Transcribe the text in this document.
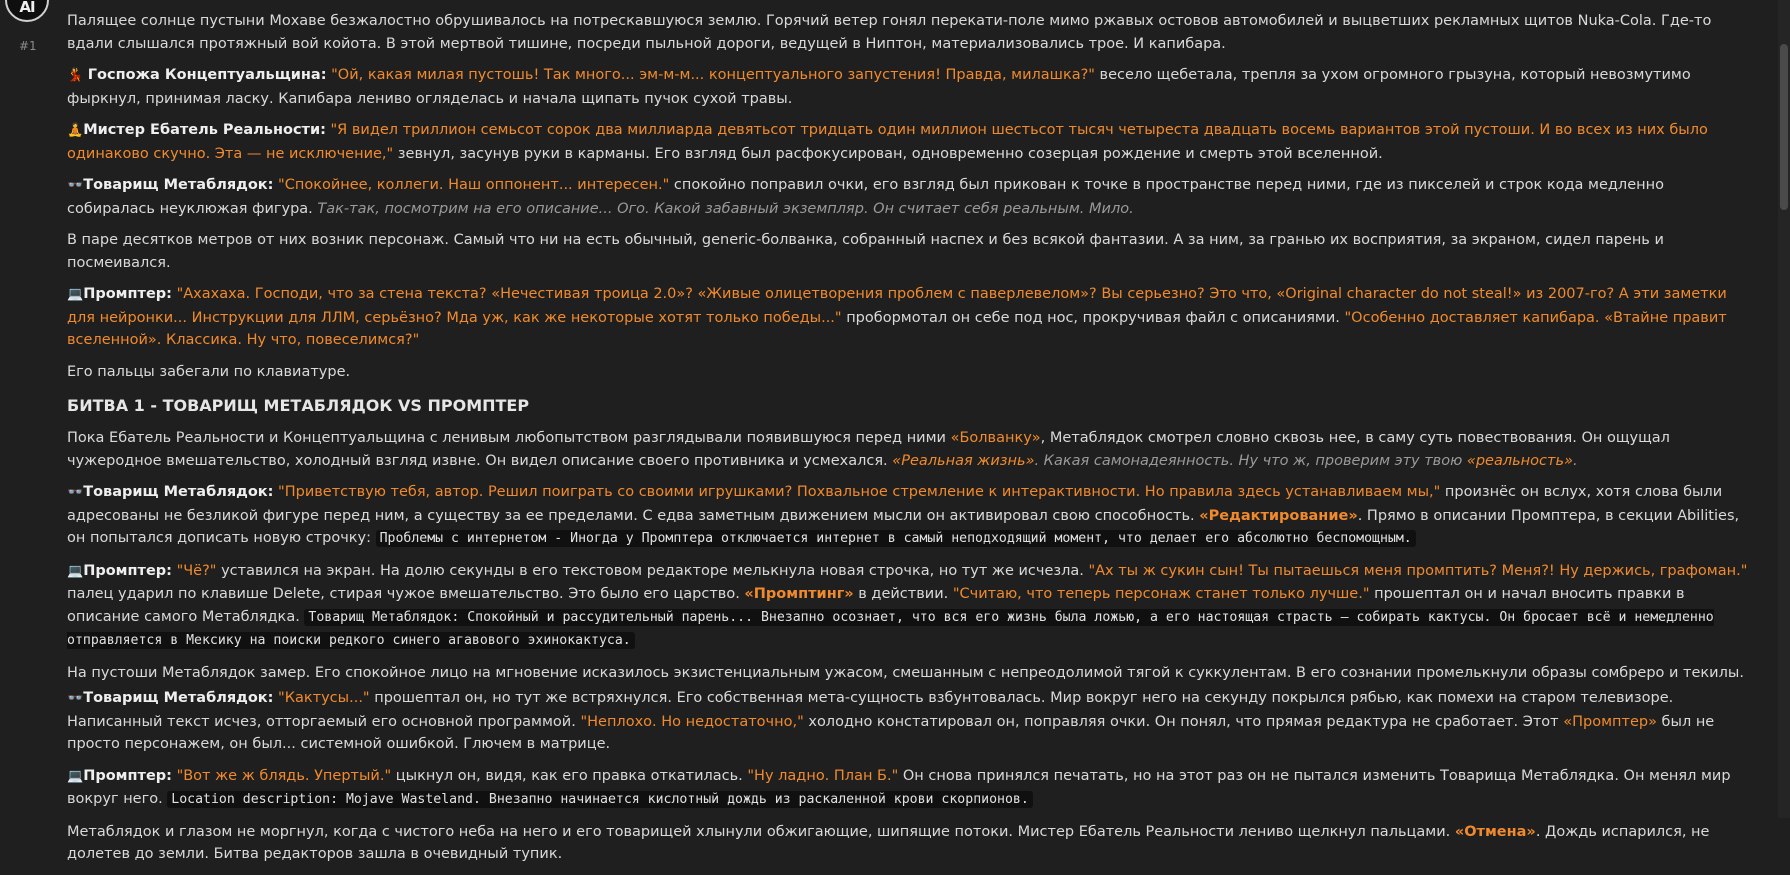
AI
#1

Палящее солнце пустыни Мохаве безжалостно обрушивалось на потрескавшуюся землю. Горячий ветер гонял перекати-поле мимо ржавых остовов автомобилей и выцветших рекламных щитов Nuka-Cola. Где-то вдали слышался протяжный вой койота. В этой мертвой тишине, посреди пыльной дороги, ведущей в Ниптон, материализовались трое. И капибара.

💃 Госпожа Концептуальщина: "Ой, какая милая пустошь! Так много... эм-м-м... концептуального запустения! Правда, милашка?" весело щебетала, трепля за ухом огромного грызуна, который невозмутимо фыркнул, принимая ласку. Капибара лениво огляделась и начала щипать пучок сухой травы.

🧘Мистер Ебатель Реальности: "Я видел триллион семьсот сорок два миллиарда девятьсот тридцать один миллион шестьсот тысяч четыреста двадцать восемь вариантов этой пустоши. И во всех из них было одинаково скучно. Эта — не исключение," зевнул, засунув руки в карманы. Его взгляд был расфокусирован, одновременно созерцая рождение и смерть этой вселенной.

👓Товарищ Метаблядок: "Спокойнее, коллеги. Наш оппонент... интересен." спокойно поправил очки, его взгляд был прикован к точке в пространстве перед ними, где из пикселей и строк кода медленно собиралась неуклюжая фигура. Так-так, посмотрим на его описание... Ого. Какой забавный экземпляр. Он считает себя реальным. Мило.

В паре десятков метров от них возник персонаж. Самый что ни на есть обычный, generic-болванка, собранный наспех и без всякой фантазии. А за ним, за гранью их восприятия, за экраном, сидел парень и посмеивался.

💻Промптер: "Ахахаха. Господи, что за стена текста? «Нечестивая троица 2.0»? «Живые олицетворения проблем с паверлевелом»? Вы серьезно? Это что, «Original character do not steal!» из 2007-го? А эти заметки для нейронки... Инструкции для ЛЛМ, серьёзно? Мда уж, как же некоторые хотят только победы..." пробормотал он себе под нос, прокручивая файл с описаниями. "Особенно доставляет капибара. «Втайне правит вселенной». Классика. Ну что, повеселимся?"

Его пальцы забегали по клавиатуре.

БИТВА 1 - ТОВАРИЩ МЕТАБЛЯДОК VS ПРОМПТЕР

Пока Ебатель Реальности и Концептуальщина с ленивым любопытством разглядывали появившуюся перед ними «Болванку», Метаблядок смотрел словно сквозь нее, в саму суть повествования. Он ощущал чужеродное вмешательство, холодный взгляд извне. Он видел описание своего противника и усмехался. «Реальная жизнь». Какая самонадеянность. Ну что ж, проверим эту твою «реальность».

👓Товарищ Метаблядок: "Приветствую тебя, автор. Решил поиграть со своими игрушками? Похвальное стремление к интерактивности. Но правила здесь устанавливаем мы," произнёс он вслух, хотя слова были адресованы не безликой фигуре перед ним, а существу за ее пределами. С едва заметным движением мысли он активировал свою способность. «Редактирование». Прямо в описании Промптера, в секции Abilities, он попытался дописать новую строчку: Проблемы с интернетом - Иногда у Промптера отключается интернет в самый неподходящий момент, что делает его абсолютно беспомощным.

💻Промптер: "Чё?" уставился на экран. На долю секунды в его текстовом редакторе мелькнула новая строчка, но тут же исчезла. "Ах ты ж сукин сын! Ты пытаешься меня промптить? Меня?! Ну держись, графоман." палец ударил по клавише Delete, стирая чужое вмешательство. Это было его царство. «Промптинг» в действии. "Считаю, что теперь персонаж станет только лучше." прошептал он и начал вносить правки в описание самого Метаблядка. Товарищ Метаблядок: Спокойный и рассудительный парень... Внезапно осознает, что вся его жизнь была ложью, а его настоящая страсть — собирать кактусы. Он бросает всё и немедленно отправляется в Мексику на поиски редкого синего агавового эхинокактуса.

На пустоши Метаблядок замер. Его спокойное лицо на мгновение исказилось экзистенциальным ужасом, смешанным с непреодолимой тягой к суккулентам. В его сознании промелькнули образы сомбреро и текилы.

👓Товарищ Метаблядок: "Кактусы..." прошептал он, но тут же встряхнулся. Его собственная мета-сущность взбунтовалась. Мир вокруг него на секунду покрылся рябью, как помехи на старом телевизоре. Написанный текст исчез, отторгаемый его основной программой. "Неплохо. Но недостаточно," холодно констатировал он, поправляя очки. Он понял, что прямая редактура не сработает. Этот «Промптер» был не просто персонажем, он был... системной ошибкой. Глючем в матрице.

💻Промптер: "Вот же ж блядь. Упертый." цыкнул он, видя, как его правка откатилась. "Ну ладно. План Б." Он снова принялся печатать, но на этот раз он не пытался изменить Товарища Метаблядка. Он менял мир вокруг него. Location description: Mojave Wasteland. Внезапно начинается кислотный дождь из раскаленной крови скорпионов.

Метаблядок и глазом не моргнул, когда с чистого неба на него и его товарищей хлынули обжигающие, шипящие потоки. Мистер Ебатель Реальности лениво щелкнул пальцами. «Отмена». Дождь испарился, не долетев до земли. Битва редакторов зашла в очевидный тупик.
